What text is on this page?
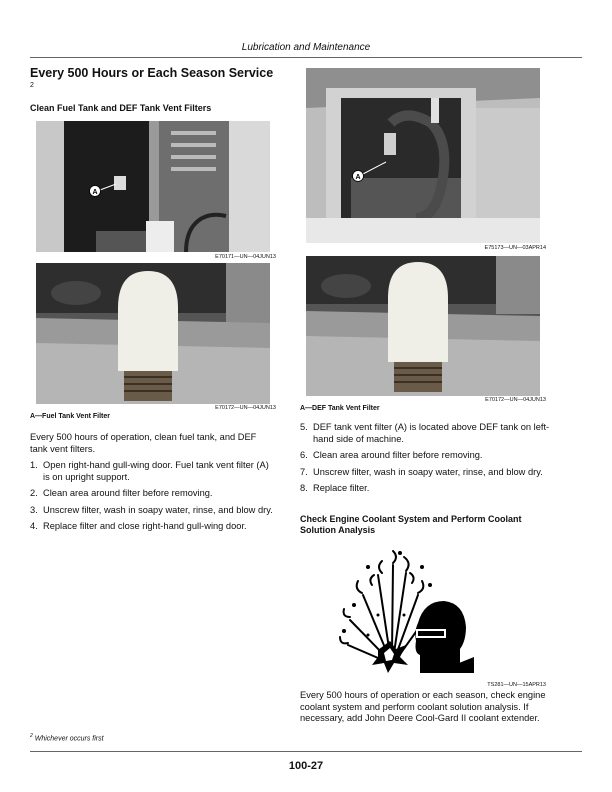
Lubrication and Maintenance
Every 500 Hours or Each Season Service
2
Clean Fuel Tank and DEF Tank Vent Filters
A
E70171—UN—04JUN13
E70172—UN—04JUN13
A—Fuel Tank Vent Filter
A
E75173—UN—03APR14
E70172—UN—04JUN13
A—DEF Tank Vent Filter
Every 500 hours of operation, clean fuel tank, and DEF tank vent filters.
1. Open right-hand gull-wing door. Fuel tank vent filter (A) is on upright support.
2. Clean area around filter before removing.
3. Unscrew filter, wash in soapy water, rinse, and blow dry.
4. Replace filter and close right-hand gull-wing door.
5. DEF tank vent filter (A) is located above DEF tank on left-hand side of machine.
6. Clean area around filter before removing.
7. Unscrew filter, wash in soapy water, rinse, and blow dry.
8. Replace filter.
Check Engine Coolant System and Perform Coolant Solution Analysis
TS281—UN—15APR13
Every 500 hours of operation or each season, check engine coolant system and perform coolant solution analysis. If necessary, add John Deere Cool-Gard II coolant extender.
$^2$ Whichever occurs first
100-27
